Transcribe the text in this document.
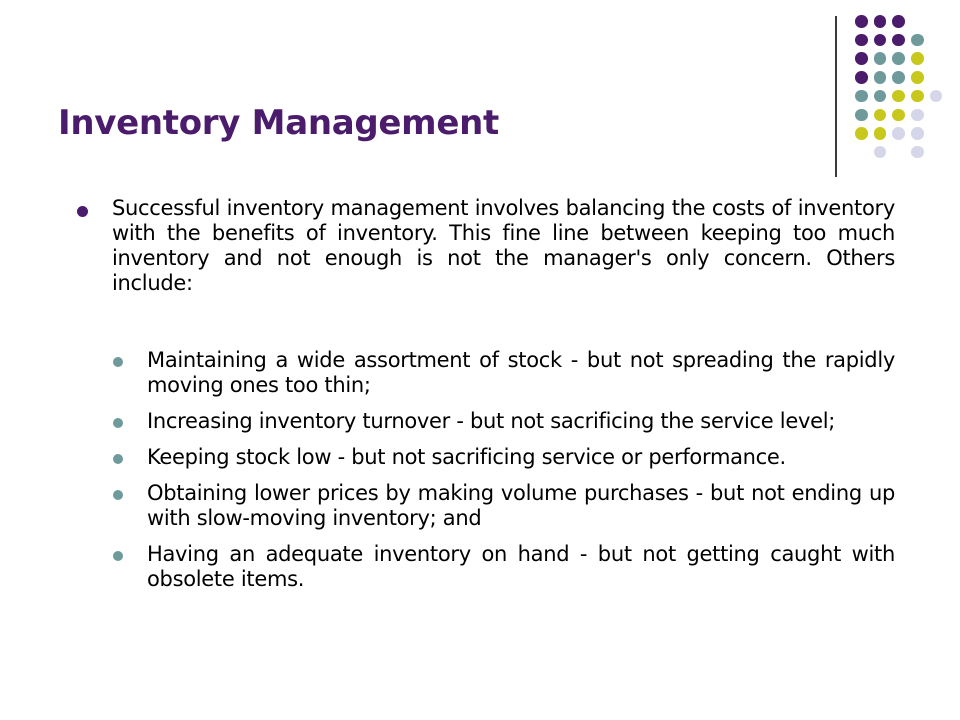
Inventory Management

Successful inventory management involves balancing the costs of inventory with the benefits of inventory. This fine line between keeping too much inventory and not enough is not the manager's only concern. Others include:

Maintaining a wide assortment of stock - but not spreading the rapidly moving ones too thin;
Increasing inventory turnover - but not sacrificing the service level;
Keeping stock low - but not sacrificing service or performance.
Obtaining lower prices by making volume purchases - but not ending up with slow-moving inventory; and
Having an adequate inventory on hand - but not getting caught with obsolete items.
